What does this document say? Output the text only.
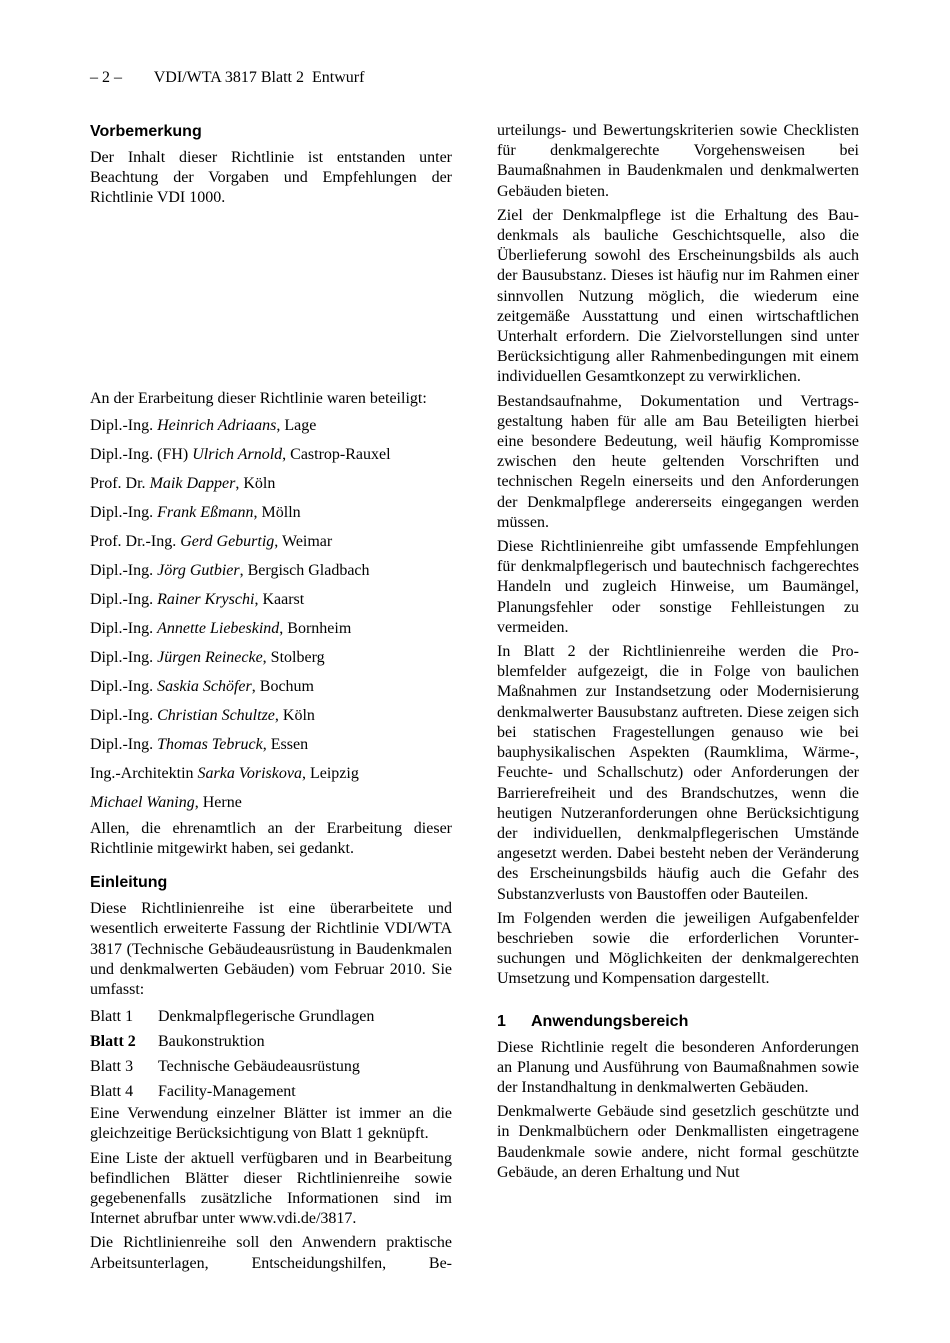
– 2 – VDI/WTA 3817 Blatt 2  Entwurf
Vorbemerkung

Der Inhalt dieser Richtlinie ist entstanden unter Beachtung der Vorgaben und Empfehlungen der Richtlinie VDI 1000.

An der Erarbeitung dieser Richtlinie waren beteiligt:

Dipl.-Ing. Heinrich Adriaans, Lage

Dipl.-Ing. (FH) Ulrich Arnold, Castrop-Rauxel

Prof. Dr. Maik Dapper, Köln

Dipl.-Ing. Frank Eßmann, Mölln

Prof. Dr.-Ing. Gerd Geburtig, Weimar

Dipl.-Ing. Jörg Gutbier, Bergisch Gladbach

Dipl.-Ing. Rainer Kryschi, Kaarst

Dipl.-Ing. Annette Liebeskind, Bornheim

Dipl.-Ing. Jürgen Reinecke, Stolberg

Dipl.-Ing. Saskia Schöfer, Bochum

Dipl.-Ing. Christian Schultze, Köln

Dipl.-Ing. Thomas Tebruck, Essen

Ing.-Architektin Sarka Voriskova, Leipzig

Michael Waning, Herne

Allen, die ehrenamtlich an der Erarbeitung dieser Richtlinie mitgewirkt haben, sei gedankt.

Einleitung

Diese Richtlinienreihe ist eine überarbeitete und wesentlich erweiterte Fassung der Richtlinie VDI/​WTA 3817 (Technische Gebäudeausrüstung in Baudenkmalen und denkmalwerten Gebäuden) vom Februar 2010. Sie umfasst:

Blatt 1	Denkmalpflegerische Grundlagen
Blatt 2	Baukonstruktion
Blatt 3	Technische Gebäudeausrüstung
Blatt 4	Facility-Management

Eine Verwendung einzelner Blätter ist immer an die gleichzeitige Berücksichtigung von Blatt 1 geknüpft.

Eine Liste der aktuell verfügbaren und in Bearbeitung befindlichen Blätter dieser Richtlinienreihe sowie gegebenenfalls zusätzliche Informationen sind im Internet abrufbar unter www.vdi.de/3817.

Die Richtlinienreihe soll den Anwendern praktische Arbeitsunterlagen, Entscheidungshilfen, Be-

urteilungs- und Bewertungskriterien sowie Checklisten für denkmalgerechte Vorgehensweisen bei Baumaßnahmen in Baudenkmalen und denkmalwerten Gebäuden bieten.

Ziel der Denkmalpflege ist die Erhaltung des Baudenkmals als bauliche Geschichtsquelle, also die Überlieferung sowohl des Erscheinungsbilds als auch der Bausubstanz. Dieses ist häufig nur im Rahmen einer sinnvollen Nutzung möglich, die wiederum eine zeitgemäße Ausstattung und einen wirtschaftlichen Unterhalt erfordern. Die Zielvorstellungen sind unter Berücksichtigung aller Rahmenbedingungen mit einem individuellen Gesamtkonzept zu verwirklichen.

Bestandsaufnahme, Dokumentation und Vertragsgestaltung haben für alle am Bau Beteiligten hierbei eine besondere Bedeutung, weil häufig Kompromisse zwischen den heute geltenden Vorschriften und technischen Regeln einerseits und den Anforderungen der Denkmalpflege andererseits eingegangen werden müssen.

Diese Richtlinienreihe gibt umfassende Empfehlungen für denkmalpflegerisch und bautechnisch fachgerechtes Handeln und zugleich Hinweise, um Baumängel, Planungsfehler oder sonstige Fehlleistungen zu vermeiden.

In Blatt 2 der Richtlinienreihe werden die Problemfelder aufgezeigt, die in Folge von baulichen Maßnahmen zur Instandsetzung oder Modernisierung denkmalwerter Bausubstanz auftreten. Diese zeigen sich bei statischen Fragestellungen genauso wie bei bauphysikalischen Aspekten (Raumklima, Wärme-, Feuchte- und Schallschutz) oder Anforderungen der Barrierefreiheit und des Brandschutzes, wenn die heutigen Nutzeranforderungen ohne Berücksichtigung der individuellen, denkmalpflegerischen Umstände angesetzt werden. Dabei besteht neben der Veränderung des Erscheinungsbilds häufig auch die Gefahr des Substanzverlusts von Baustoffen oder Bauteilen.

Im Folgenden werden die jeweiligen Aufgabenfelder beschrieben sowie die erforderlichen Voruntersuchungen und Möglichkeiten der denkmalgerechten Umsetzung und Kompensation dargestellt.

1 Anwendungsbereich

Diese Richtlinie regelt die besonderen Anforderungen an Planung und Ausführung von Baumaßnahmen sowie der Instandhaltung in denkmalwerten Gebäuden.

Denkmalwerte Gebäude sind gesetzlich geschützte und in Denkmalbüchern oder Denkmallisten eingetragene Baudenkmale sowie andere, nicht formal geschützte Gebäude, an deren Erhaltung und Nut
